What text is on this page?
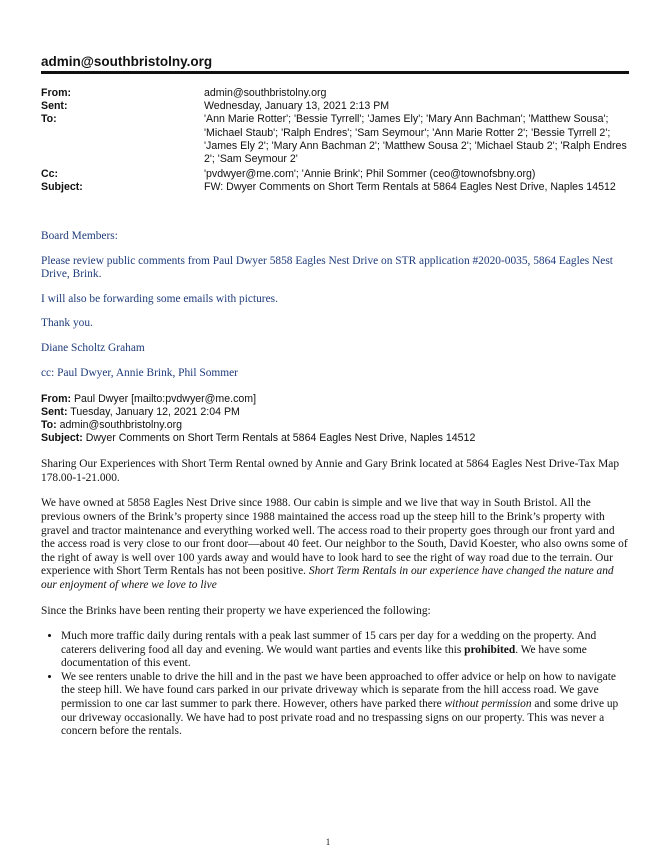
admin@southbristolny.org
From:	admin@southbristolny.org
Sent:	Wednesday, January 13, 2021 2:13 PM
To:	'Ann Marie Rotter'; 'Bessie Tyrrell'; 'James Ely'; 'Mary Ann Bachman'; 'Matthew Sousa'; 'Michael Staub'; 'Ralph Endres'; 'Sam Seymour'; 'Ann Marie Rotter 2'; 'Bessie Tyrrell 2'; 'James Ely 2'; 'Mary Ann Bachman 2'; 'Matthew Sousa 2'; 'Michael Staub 2'; 'Ralph Endres 2'; 'Sam Seymour 2'
Cc:	'pvdwyer@me.com'; 'Annie Brink'; Phil Sommer (ceo@townofsbny.org)
Subject:	FW: Dwyer Comments on Short Term Rentals at 5864 Eagles Nest Drive, Naples 14512

Board Members:

Please review public comments from Paul Dwyer 5858 Eagles Nest Drive on STR application #2020-0035, 5864 Eagles Nest Drive, Brink.

I will also be forwarding some emails with pictures.

Thank you.

Diane Scholtz Graham

cc: Paul Dwyer, Annie Brink, Phil Sommer

From: Paul Dwyer [mailto:pvdwyer@me.com]
Sent: Tuesday, January 12, 2021 2:04 PM
To: admin@southbristolny.org
Subject: Dwyer Comments on Short Term Rentals at 5864 Eagles Nest Drive, Naples 14512

Sharing Our Experiences with Short Term Rental owned by Annie and Gary Brink located at 5864 Eagles Nest Drive-Tax Map 178.00-1-21.000.

We have owned at 5858 Eagles Nest Drive since 1988. Our cabin is simple and we live that way in South Bristol. All the previous owners of the Brink’s property since 1988 maintained the access road up the steep hill to the Brink’s property with gravel and tractor maintenance and everything worked well. The access road to their property goes through our front yard and the access road is very close to our front door—about 40 feet. Our neighbor to the South, David Koester, who also owns some of the right of away is well over 100 yards away and would have to look hard to see the right of way road due to the terrain. Our experience with Short Term Rentals has not been positive. Short Term Rentals in our experience have changed the nature and our enjoyment of where we love to live

Since the Brinks have been renting their property we have experienced the following:

• Much more traffic daily during rentals with a peak last summer of 15 cars per day for a wedding on the property. And caterers delivering food all day and evening. We would want parties and events like this prohibited. We have some documentation of this event.
• We see renters unable to drive the hill and in the past we have been approached to offer advice or help on how to navigate the steep hill. We have found cars parked in our private driveway which is separate from the hill access road. We gave permission to one car last summer to park there. However, others have parked there without permission and some drive up our driveway occasionally. We have had to post private road and no trespassing signs on our property. This was never a concern before the rentals.
1
